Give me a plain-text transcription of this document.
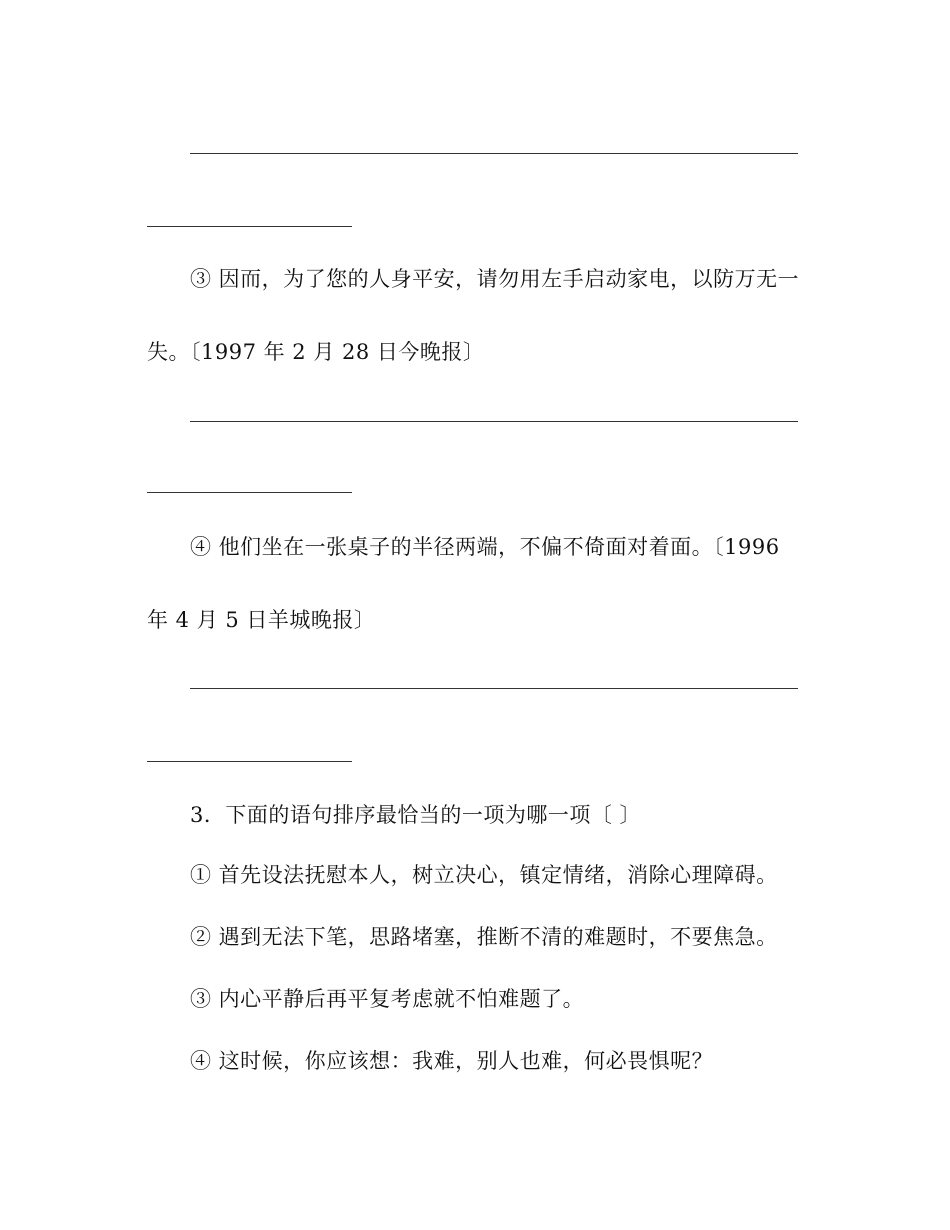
③ 因而，为了您的人身平安，请勿用左手启动家电，以防万无一
失。〔1997 年 2 月 28 日今晚报〕
④ 他们坐在一张桌子的半径两端，不偏不倚面对着面。〔1996
年 4 月 5 日羊城晚报〕
3．下面的语句排序最恰当的一项为哪一项〔 〕
① 首先设法抚慰本人，树立决心，镇定情绪，消除心理障碍。
② 遇到无法下笔，思路堵塞，推断不清的难题时，不要焦急。
③ 内心平静后再平复考虑就不怕难题了。
④ 这时候，你应该想：我难，别人也难，何必畏惧呢？
